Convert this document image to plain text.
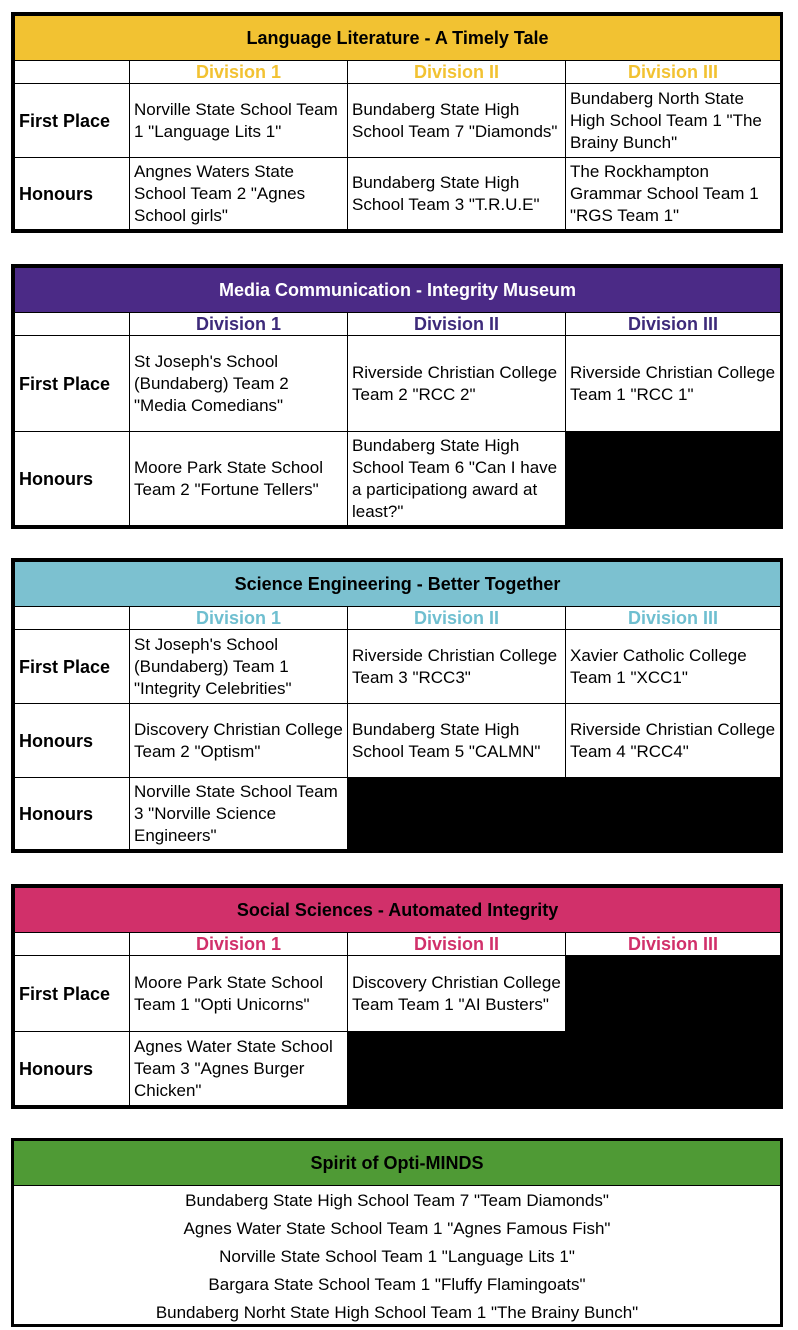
Language Literature - A Timely Tale			
	Division 1	Division II	Division III
First Place	Norville State School Team 1 "Language Lits 1"	Bundaberg State High School Team 7 "Diamonds"	Bundaberg North State High School Team 1 "The Brainy Bunch"
Honours	Angnes Waters State School Team 2 "Agnes School girls"	Bundaberg State High School Team 3 "T.R.U.E"	The Rockhampton Grammar School Team 1 "RGS Team 1"
Media Communication - Integrity Museum			
	Division 1	Division II	Division III
First Place	St Joseph's School (Bundaberg) Team 2 "Media Comedians"	Riverside Christian College Team 2 "RCC 2"	Riverside Christian College Team 1 "RCC 1"
Honours	Moore Park State School Team 2 "Fortune Tellers"	Bundaberg State High School Team 6 "Can I have a participationg award at least?"	
Science Engineering - Better Together			
	Division 1	Division II	Division III
First Place	St Joseph's School (Bundaberg) Team 1 "Integrity Celebrities"	Riverside Christian College Team 3 "RCC3"	Xavier Catholic College Team 1 "XCC1"
Honours	Discovery Christian College Team 2 "Optism"	Bundaberg State High School Team 5 "CALMN"	Riverside Christian College Team 4 "RCC4"
Honours	Norville State School Team 3 "Norville Science Engineers"		
Social Sciences - Automated Integrity			
	Division 1	Division II	Division III
First Place	Moore Park State School Team 1 "Opti Unicorns"	Discovery Christian College Team Team 1 "AI Busters"	
Honours	Agnes Water State School Team 3 "Agnes Burger Chicken"		
Spirit of Opti-MINDS
Bundaberg State High School Team 7 "Team Diamonds"
Agnes Water State School Team 1 "Agnes Famous Fish"
Norville State School Team 1 "Language Lits 1"
Bargara State School Team 1 "Fluffy Flamingoats"
Bundaberg Norht State High School Team 1 "The Brainy Bunch"
